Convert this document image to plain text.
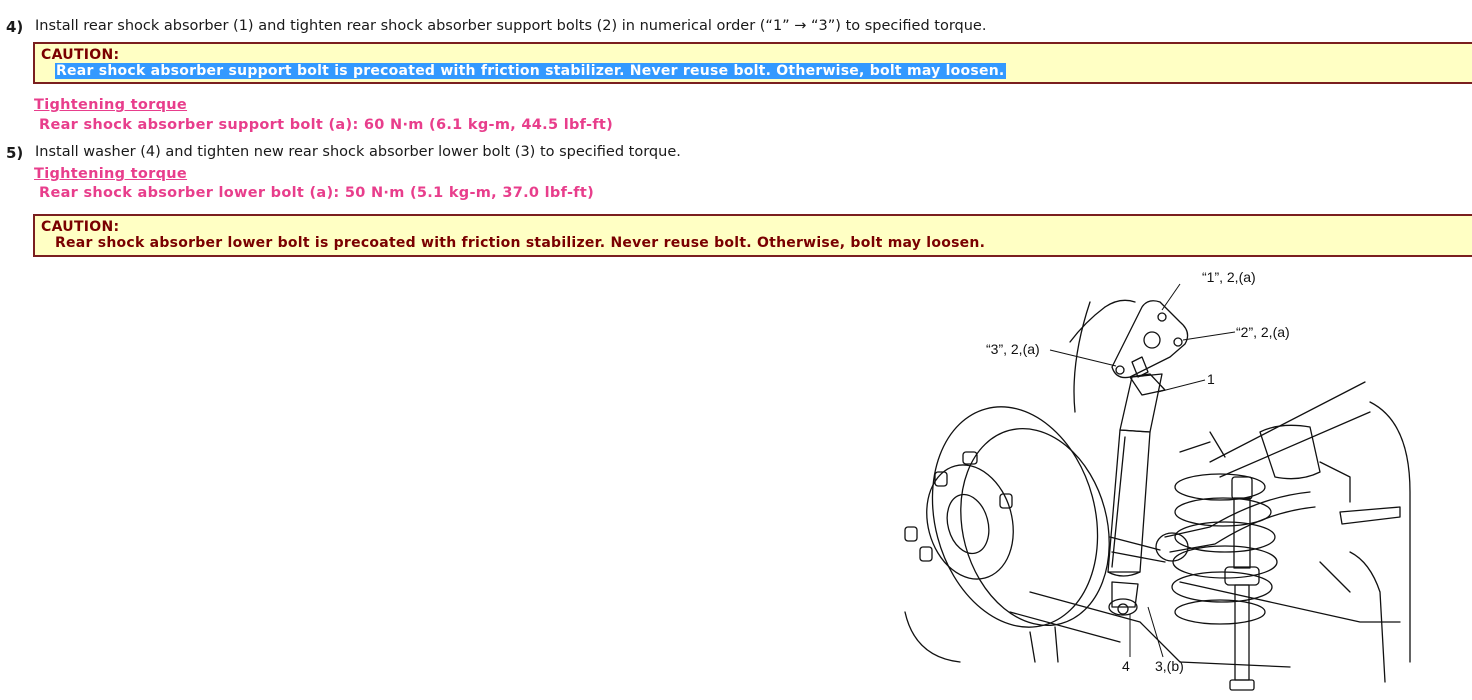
4) Install rear shock absorber (1) and tighten rear shock absorber support bolts (2) in numerical order (“1” → “3”) to specified torque.
CAUTION:
Rear shock absorber support bolt is precoated with friction stabilizer. Never reuse bolt. Otherwise, bolt may loosen.
Tightening torque
Rear shock absorber support bolt (a): 60 N·m (6.1 kg-m, 44.5 lbf-ft)
5) Install washer (4) and tighten new rear shock absorber lower bolt (3) to specified torque.
Tightening torque
Rear shock absorber lower bolt (a): 50 N·m (5.1 kg-m, 37.0 lbf-ft)
CAUTION:
Rear shock absorber lower bolt is precoated with friction stabilizer. Never reuse bolt. Otherwise, bolt may loosen.
“1”, 2,(a)
“2”, 2,(a)
“3”, 2,(a)
1
4 3,(b)
